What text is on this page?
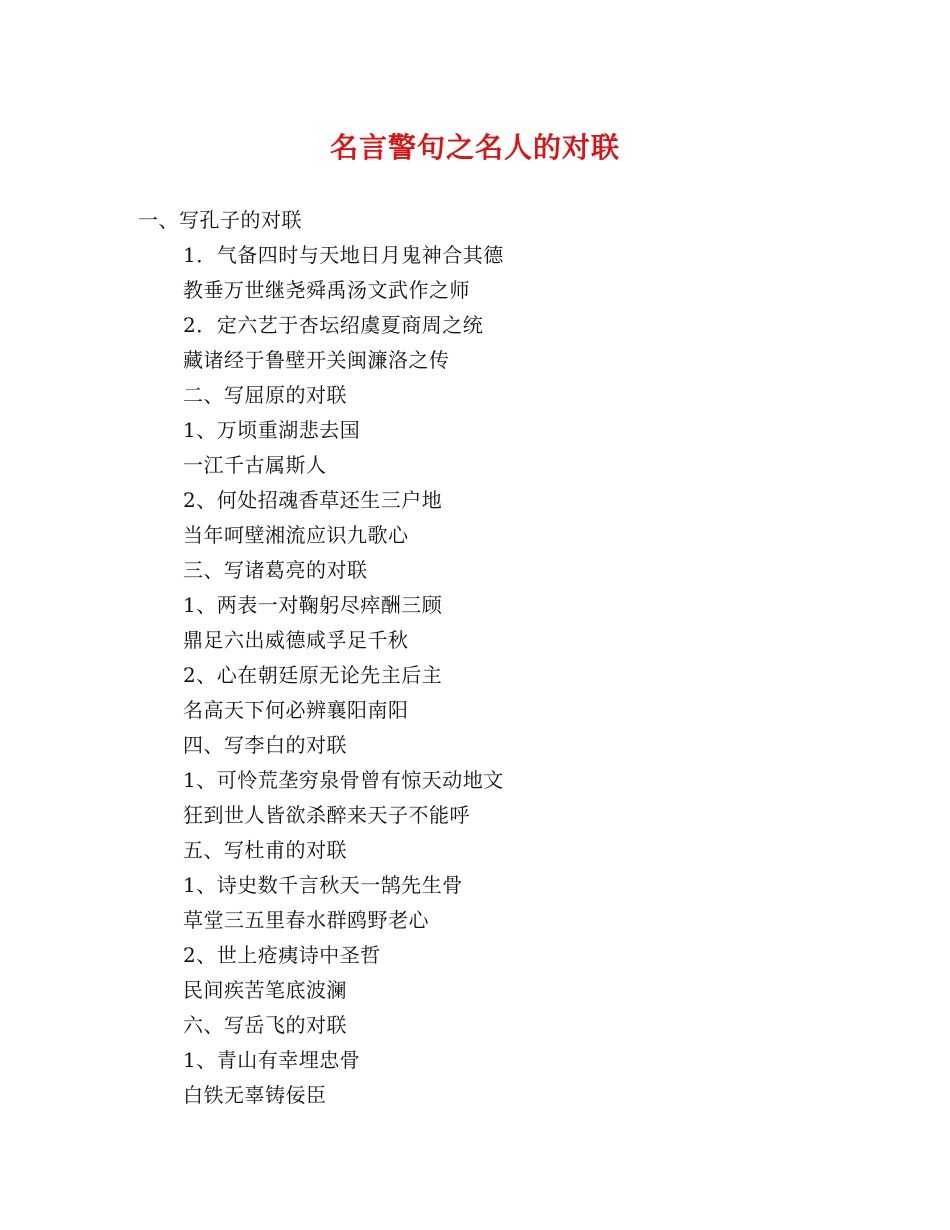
名言警句之名人的对联
一、写孔子的对联
1．气备四时与天地日月鬼神合其德
教垂万世继尧舜禹汤文武作之师
2．定六艺于杏坛绍虞夏商周之统
藏诸经于鲁壁开关闽濂洛之传
二、写屈原的对联
1、万顷重湖悲去国
一江千古属斯人
2、何处招魂香草还生三户地
当年呵壁湘流应识九歌心
三、写诸葛亮的对联
1、两表一对鞠躬尽瘁酬三顾
鼎足六出威德咸孚足千秋
2、心在朝廷原无论先主后主
名高天下何必辨襄阳南阳
四、写李白的对联
1、可怜荒垄穷泉骨曾有惊天动地文
狂到世人皆欲杀醉来天子不能呼
五、写杜甫的对联
1、诗史数千言秋天一鹄先生骨
草堂三五里春水群鸥野老心
2、世上疮痍诗中圣哲
民间疾苦笔底波澜
六、写岳飞的对联
1、青山有幸埋忠骨
白铁无辜铸佞臣
